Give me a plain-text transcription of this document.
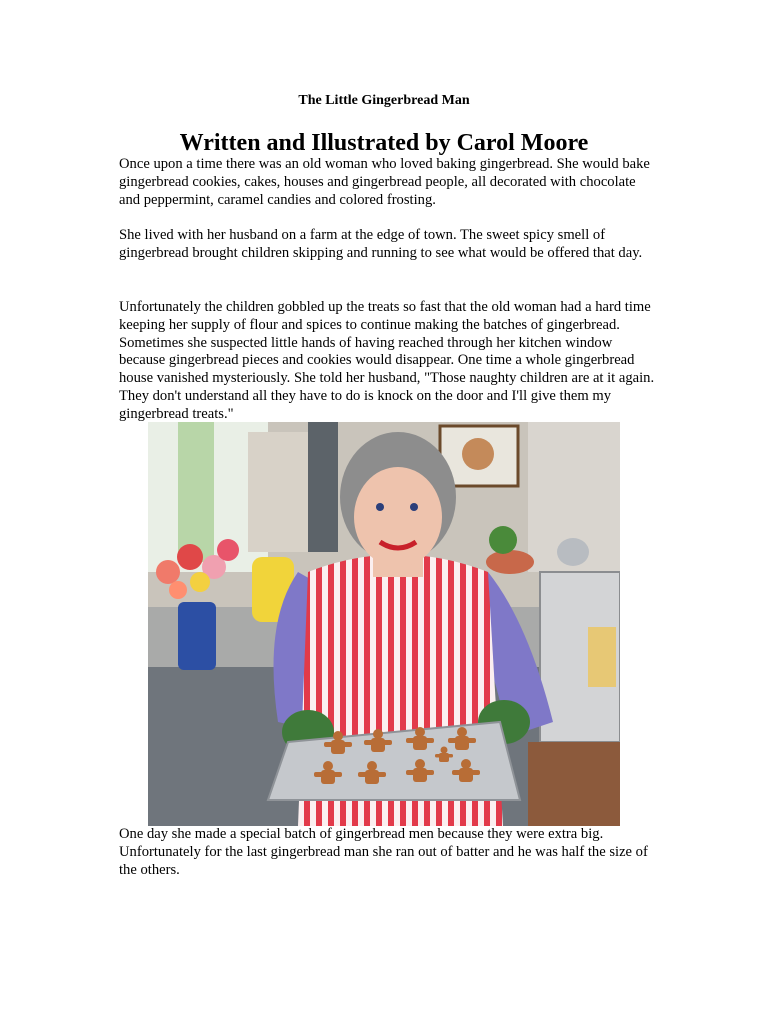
The Little Gingerbread Man
Written and Illustrated by Carol Moore

Once upon a time there was an old woman who loved baking gingerbread. She would bake gingerbread cookies, cakes, houses and gingerbread people, all decorated with chocolate and peppermint, caramel candies and colored frosting.

She lived with her husband on a farm at the edge of town. The sweet spicy smell of gingerbread brought children skipping and running to see what would be offered that day.

Unfortunately the children gobbled up the treats so fast that the old woman had a hard time keeping her supply of flour and spices to continue making the batches of gingerbread. Sometimes she suspected little hands of having reached through her kitchen window because gingerbread pieces and cookies would disappear. One time a whole gingerbread house vanished mysteriously. She told her husband, "Those naughty children are at it again. They don't understand all they have to do is knock on the door and I'll give them my gingerbread treats."

One day she made a special batch of gingerbread men because they were extra big. Unfortunately for the last gingerbread man she ran out of batter and he was half the size of the others.
